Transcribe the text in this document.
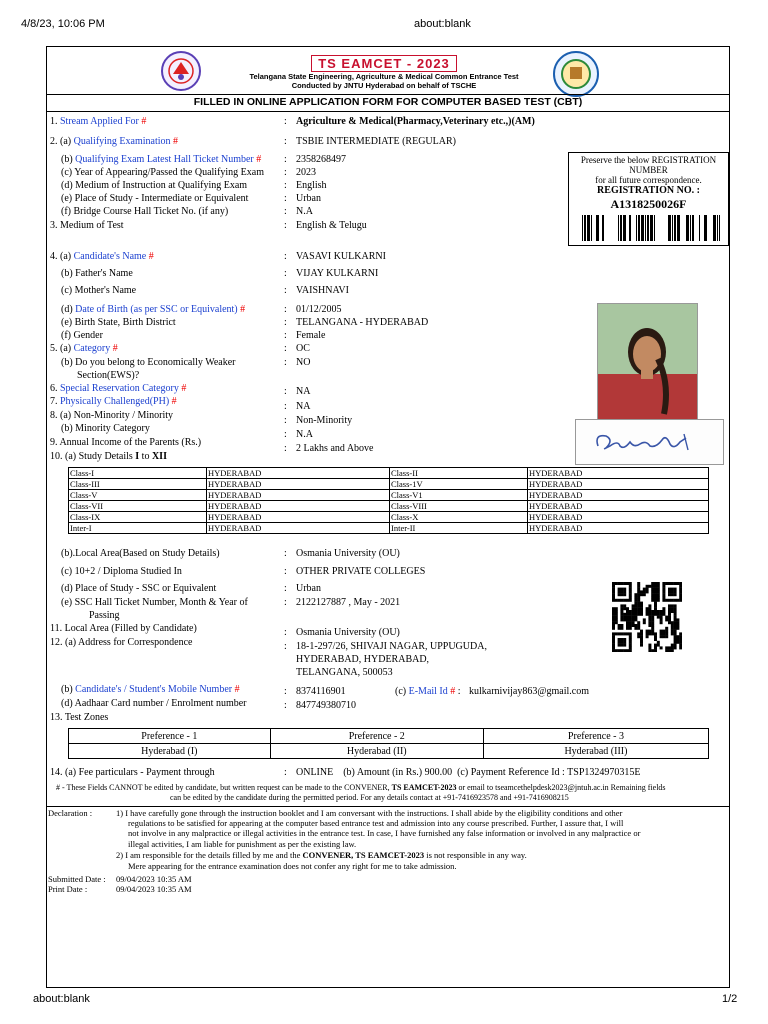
4/8/23, 10:06 PM	about:blank
about:blank	1/2
TS EAMCET - 2023
Telangana State Engineering, Agriculture & Medical Common Entrance Test
Conducted by JNTU Hyderabad on behalf of TSCHE
FILLED IN ONLINE APPLICATION FORM FOR COMPUTER BASED TEST (CBT)
Preserve the below REGISTRATION
NUMBER
for all future correspondence.
REGISTRATION NO. :
A1318250026F
1. Stream Applied For #	: Agriculture & Medical(Pharmacy,Veterinary etc.,)(AM)
2. (a) Qualifying Examination #	: TSBIE INTERMEDIATE (REGULAR)
(b) Qualifying Exam Latest Hall Ticket Number # : 2358268497
(c) Year of Appearing/Passed the Qualifying Exam : 2023
(d) Medium of Instruction at Qualifying Exam	: English
(e) Place of Study - Intermediate or Equivalent	: Urban
(f) Bridge Course Hall Ticket No. (if any)	: N.A
3. Medium of Test	: English & Telugu
4. (a) Candidate's Name #	: VASAVI KULKARNI
(b) Father's Name	: VIJAY KULKARNI
(c) Mother's Name	: VAISHNAVI
(d) Date of Birth (as per SSC or Equivalent) #	: 01/12/2005
(e) Birth State, Birth District	: TELANGANA - HYDERABAD
(f) Gender	: Female
5. (a) Category #	: OC
(b) Do you belong to Economically Weaker	: NO
Section(EWS)?
6. Special Reservation Category #	: NA
7. Physically Challenged(PH) #	: NA
8. (a) Non-Minority / Minority	: Non-Minority
(b) Minority Category
: N.A
9. Annual Income of the Parents (Rs.)
: 2 Lakhs and Above
10. (a) Study Details I to XII
Class-I	HYDERABAD	Class-II	HYDERABAD
Class-III	HYDERABAD	Class-1V	HYDERABAD
Class-V	HYDERABAD	Class-V1	HYDERABAD
Class-VII	HYDERABAD	Class-VIII	HYDERABAD
Class-IX	HYDERABAD	Class-X	HYDERABAD
Inter-I	HYDERABAD	Inter-II	HYDERABAD
(b).Local Area(Based on Study Details)	: Osmania University (OU)
(c) 10+2 / Diploma Studied In	: OTHER PRIVATE COLLEGES
(d) Place of Study - SSC or Equivalent	: Urban
(e) SSC Hall Ticket Number, Month & Year of	: 2122127887 , May - 2021
Passing
11. Local Area (Filled by Candidate)	: Osmania University (OU)
12. (a) Address for Correspondence	: 18-1-297/26, SHIVAJI NAGAR, UPPUGUDA,
HYDERABAD, HYDERABAD,
TELANGANA, 500053
(b) Candidate's / Student's Mobile Number #	: 8374116901	(c) E-Mail Id # : kulkarnivijay863@gmail.com
(d) Aadhaar Card number / Enrolment number	: 847749380710
13. Test Zones
Preference - 1	Preference - 2	Preference - 3
Hyderabad (I)	Hyderabad (II)	Hyderabad (III)
14. (a) Fee particulars - Payment through	: ONLINE    (b) Amount (in Rs.) 900.00  (c) Payment Reference Id : TSP1324970315E
# - These Fields CANNOT be edited by candidate, but written request can be made to the CONVENER, TS EAMCET-2023 or email to tseamcethelpdesk2023@jntuh.ac.in Remaining fields
can be edited by the candidate during the permitted period. For any details contact at +91-7416923578 and +91-7416908215
Declaration :	1) I have carefully gone through the instruction booklet and I am conversant with the instructions. I shall abide by the eligibility conditions and other
regulations to be satisfied for appearing at the computer based entrance test and admission into any course prescribed. Further, I assure that, I will
not involve in any malpractice or illegal activities in the entrance test. In case, I have furnished any false information or involved in any malpractice or
illegal activities, I am liable for punishment as per the existing law.
2) I am responsible for the details filled by me and the CONVENER, TS EAMCET-2023 is not responsible in any way.
Mere appearing for the entrance examination does not confer any right for me to take admission.
Submitted Date : 09/04/2023 10:35 AM
Print Date :	09/04/2023 10:35 AM
